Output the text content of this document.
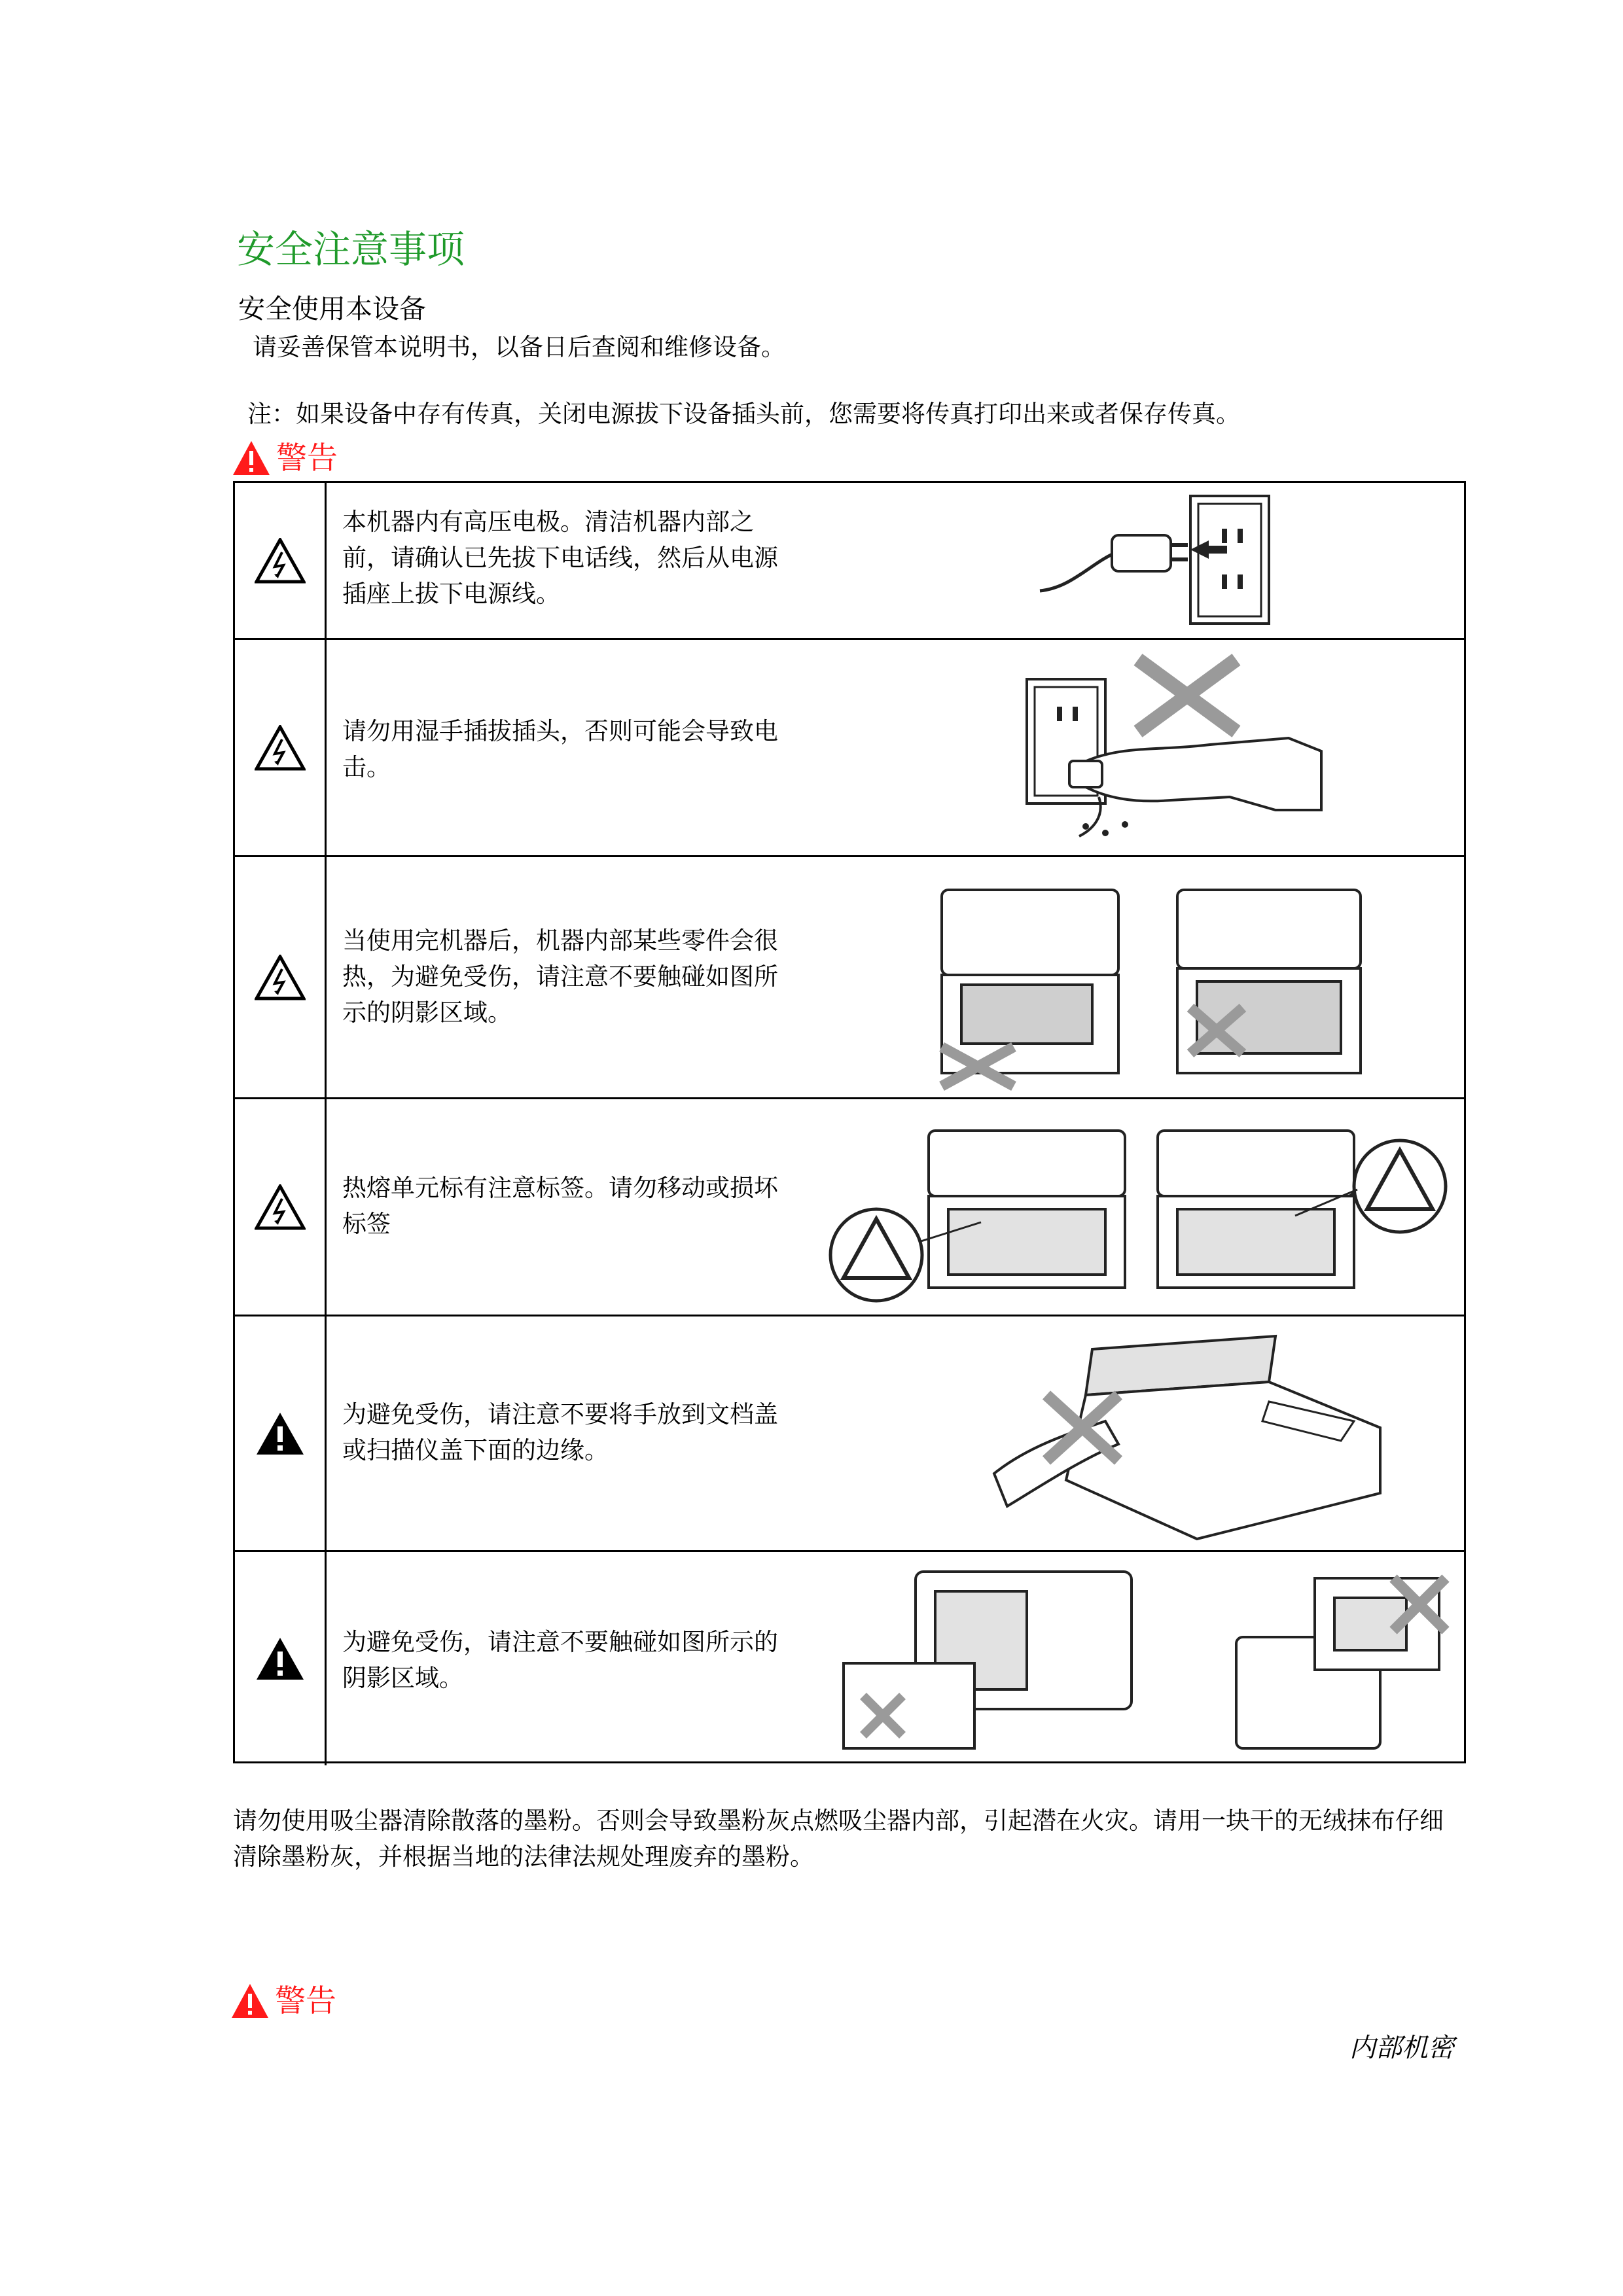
安全注意事项
安全使用本设备
请妥善保管本说明书，以备日后查阅和维修设备。
注：如果设备中存有传真，关闭电源拔下设备插头前，您需要将传真打印出来或者保存传真。
警告
本机器内有高压电极。清洁机器内部之前，请确认已先拔下电话线，然后从电源插座上拔下电源线。
请勿用湿手插拔插头，否则可能会导致电击。
当使用完机器后，机器内部某些零件会很热，为避免受伤，请注意不要触碰如图所示的阴影区域。
热熔单元标有注意标签。请勿移动或损坏标签
为避免受伤，请注意不要将手放到文档盖或扫描仪盖下面的边缘。
为避免受伤，请注意不要触碰如图所示的阴影区域。
请勿使用吸尘器清除散落的墨粉。否则会导致墨粉灰点燃吸尘器内部，引起潜在火灾。请用一块干的无绒抹布仔细清除墨粉灰，并根据当地的法律法规处理废弃的墨粉。
警告
内部机密
